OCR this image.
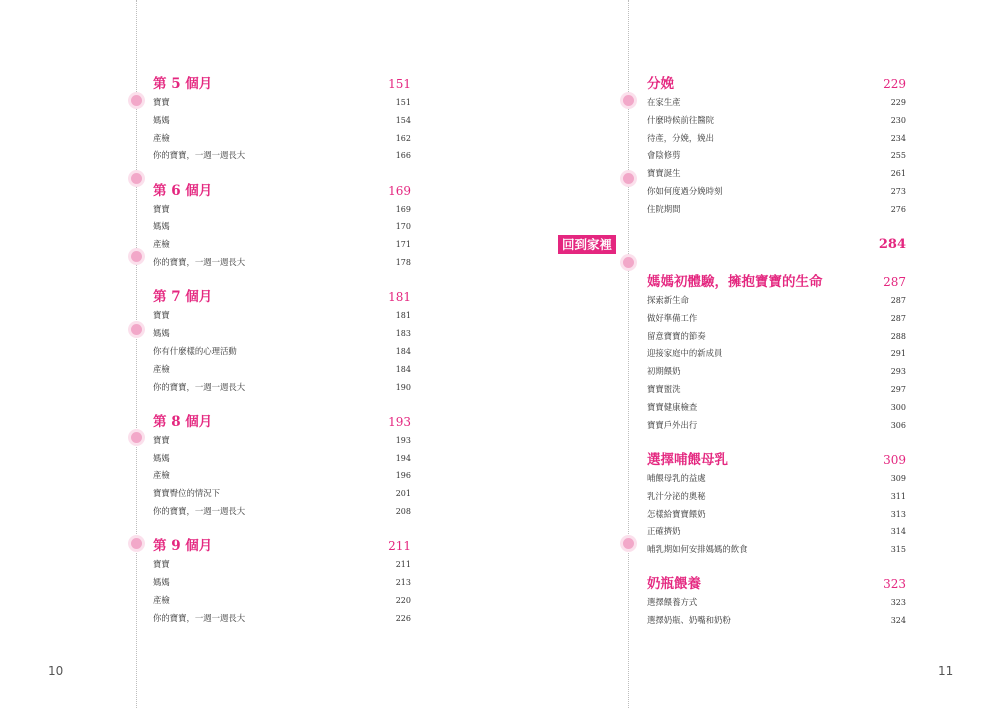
第 5 個月	151
寶寶	151
媽媽	154
產檢	162
你的寶寶，一週一週長大	166
第 6 個月	169
寶寶	169
媽媽	170
產檢	171
你的寶寶，一週一週長大	178
第 7 個月	181
寶寶	181
媽媽	183
你有什麼樣的心理活動	184
產檢	184
你的寶寶，一週一週長大	190
第 8 個月	193
寶寶	193
媽媽	194
產檢	196
寶寶臀位的情況下	201
你的寶寶，一週一週長大	208
第 9 個月	211
寶寶	211
媽媽	213
產檢	220
你的寶寶，一週一週長大	226
10
分娩	229
在家生產	229
什麼時候前往醫院	230
待產，分娩，娩出	234
會陰修剪	255
寶寶誕生	261
你如何度過分娩時刻	273
住院期間	276
媽媽初體驗，擁抱寶寶的生命	287
探索新生命	287
做好準備工作	287
留意寶寶的節奏	288
迎接家庭中的新成員	291
初期餵奶	293
寶寶盥洗	297
寶寶健康檢查	300
寶寶戶外出行	306
選擇哺餵母乳	309
哺餵母乳的益處	309
乳汁分泌的奧秘	311
怎樣給寶寶餵奶	313
正確擠奶	314
哺乳期如何安排媽媽的飲食	315
奶瓶餵養	323
選擇餵養方式	323
選擇奶瓶、奶嘴和奶粉	324
回到家裡	284
11
